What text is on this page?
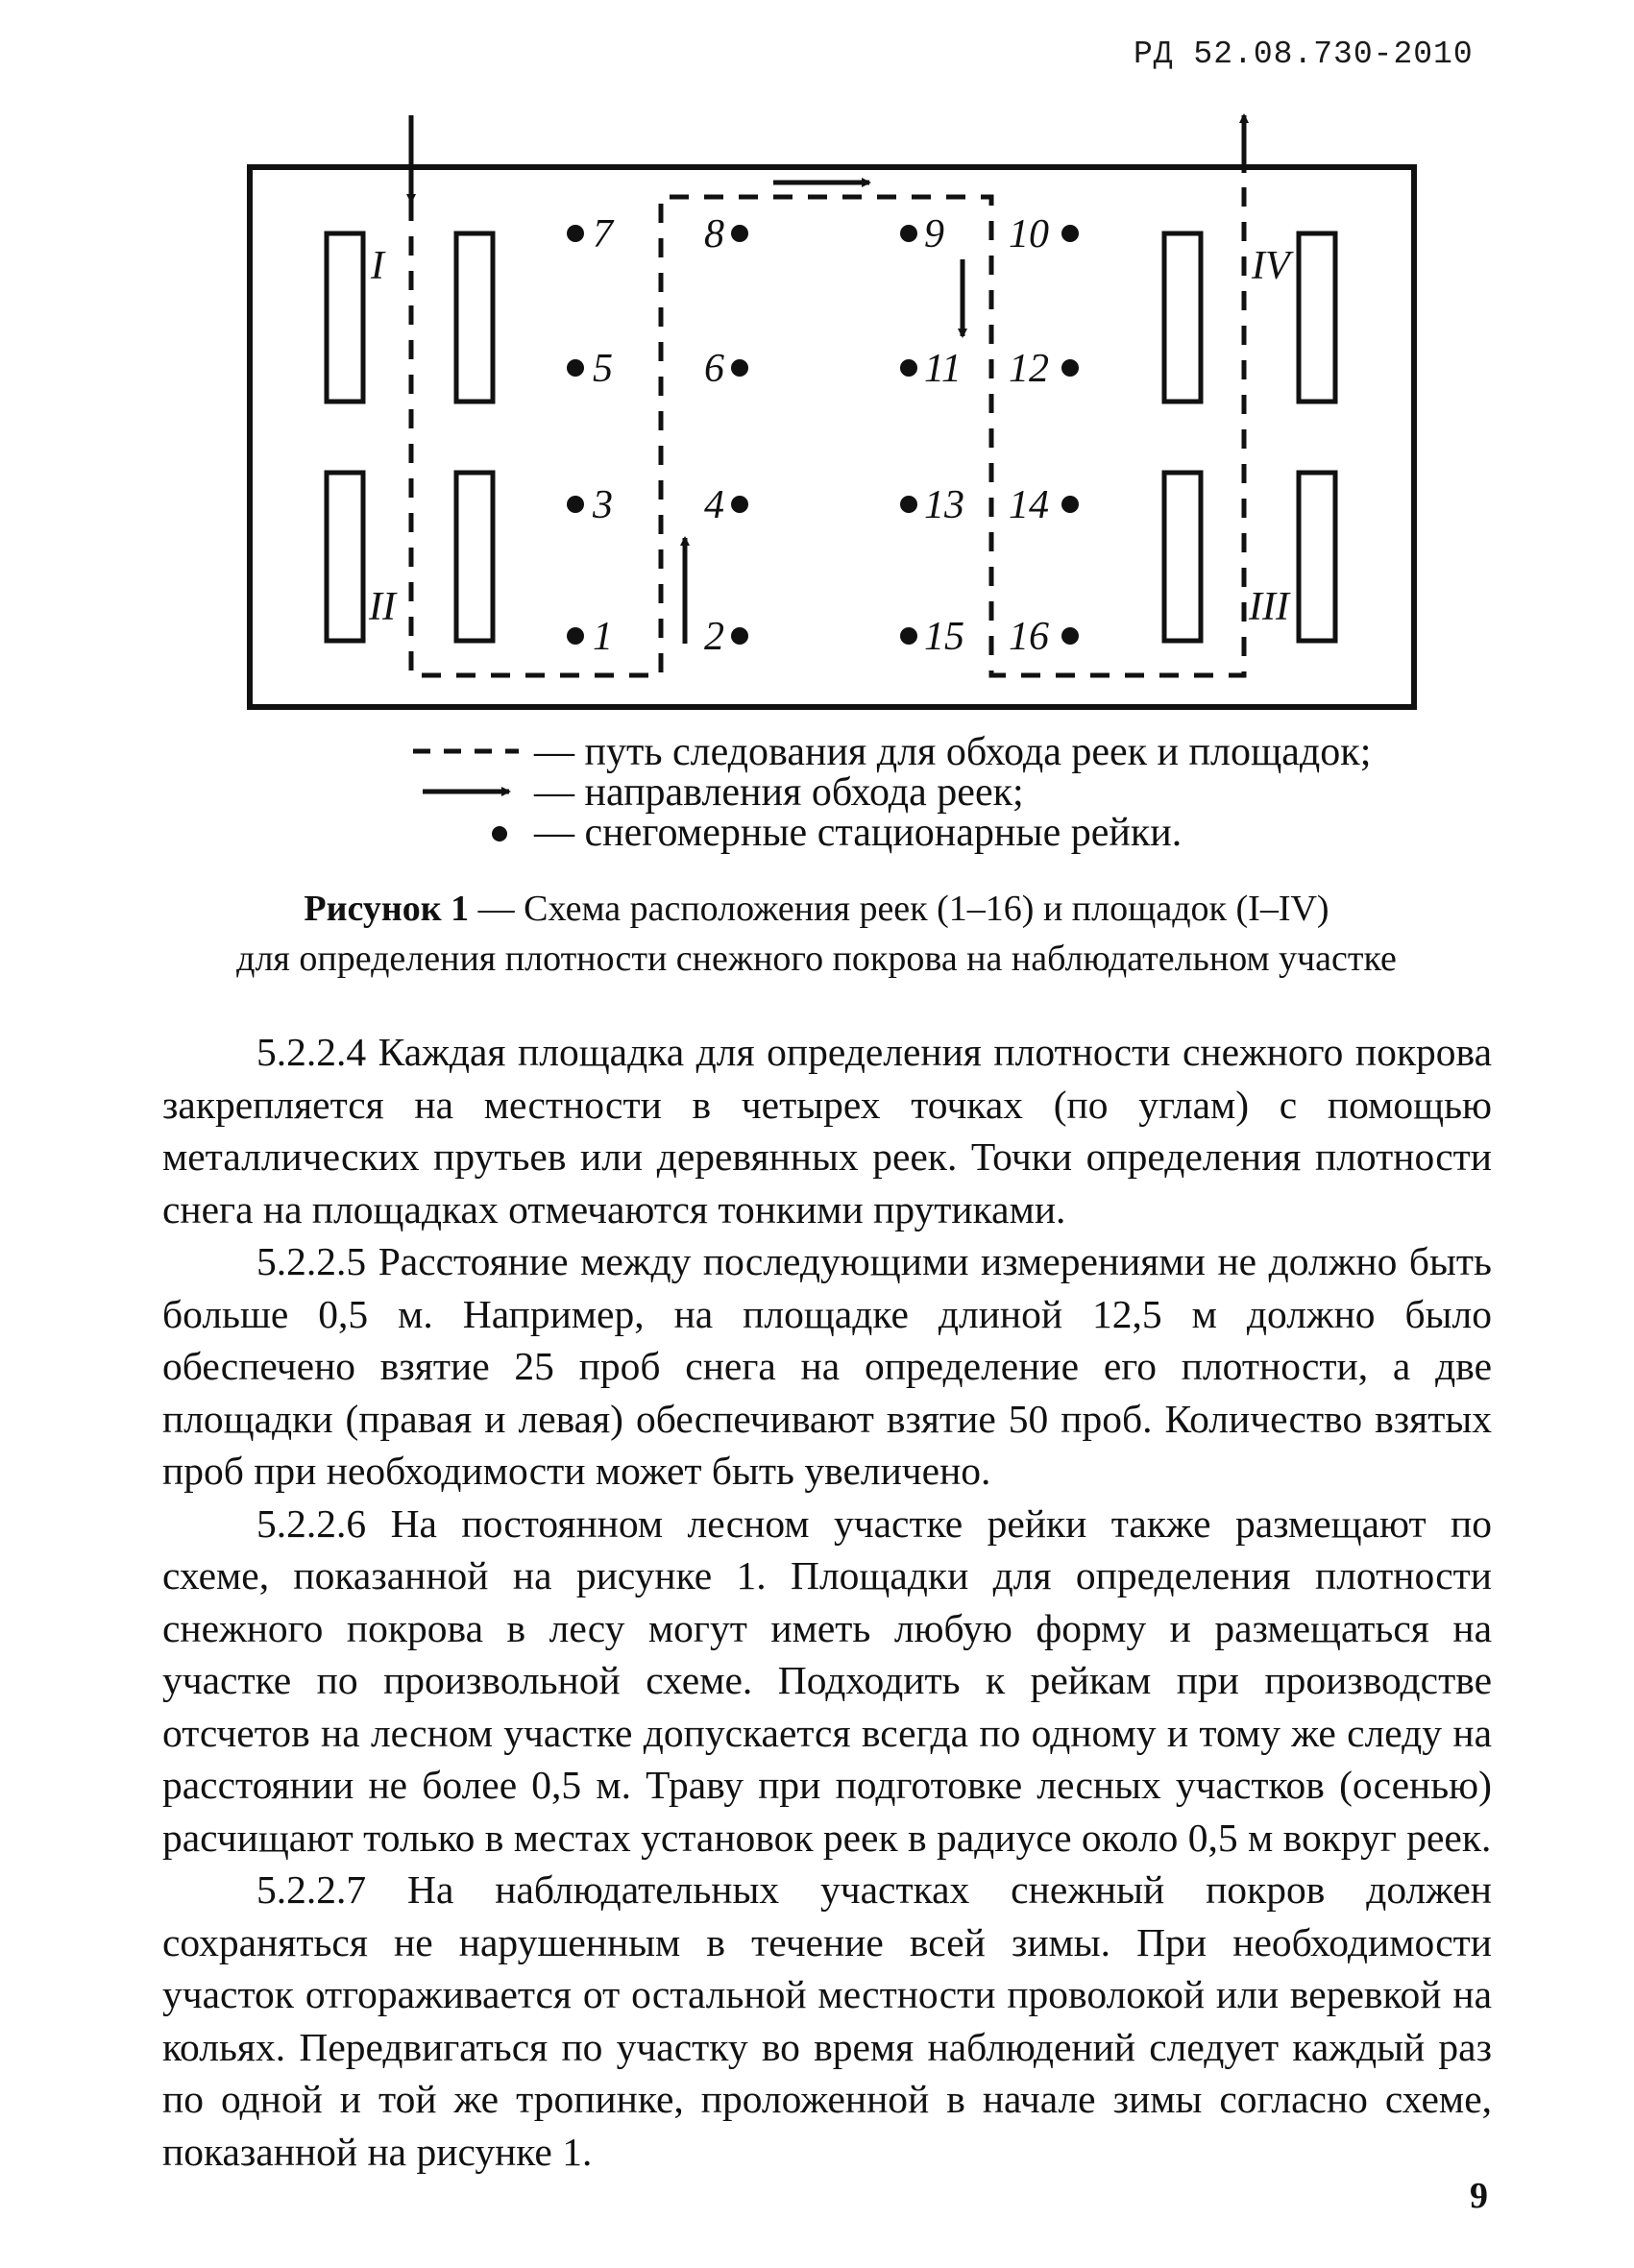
РД 52.08.730-2010
I
II	III
IV
1 2
3 4
5 6
7 8	9 10
11 12
13 14
15 16
— путь следования для обхода реек и площадок;
— направления обхода реек;
— снегомерные стационарные рейки.
Рисунок 1 — Схема расположения реек (1–16) и площадок (I–IV)
для определения плотности снежного покрова на наблюдательном участке

5.2.2.4 Каждая площадка для определения плотности снежного покрова закрепляется на местности в четырех точках (по углам) с помощью металлических прутьев или деревянных реек. Точки определения плотности снега на площадках отмечаются тонкими прутиками.

5.2.2.5 Расстояние между последующими измерениями не должно быть больше 0,5 м. Например, на площадке длиной 12,5 м должно было обеспечено взятие 25 проб снега на определение его плотности, а две площадки (правая и левая) обеспечивают взятие 50 проб. Количество взятых проб при необходимости может быть увеличено.

5.2.2.6 На постоянном лесном участке рейки также размещают по схеме, показанной на рисунке 1. Площадки для определения плотности снежного покрова в лесу могут иметь любую форму и размещаться на участке по произвольной схеме. Подходить к рейкам при производстве отсчетов на лесном участке допускается всегда по одному и тому же следу на расстоянии не более 0,5 м. Траву при подготовке лесных участков (осенью) расчищают только в местах установок реек в радиусе около 0,5 м вокруг реек.

5.2.2.7 На наблюдательных участках снежный покров должен сохраняться не нарушенным в течение всей зимы. При необходимости участок отгораживается от остальной местности проволокой или веревкой на кольях. Передвигаться по участку во время наблюдений следует каждый раз по одной и той же тропинке, проложенной в начале зимы согласно схеме, показанной на рисунке 1.

9
